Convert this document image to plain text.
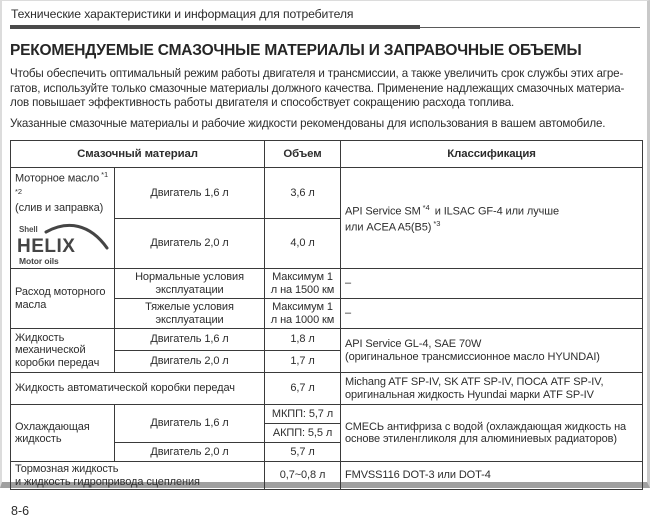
Технические характеристики и информация для потребителя
РЕКОМЕНДУЕМЫЕ СМАЗОЧНЫЕ МАТЕРИАЛЫ И ЗАПРАВОЧНЫЕ ОБЪЕМЫ
Чтобы обеспечить оптимальный режим работы двигателя и трансмиссии, а также увеличить срок службы этих агре-
гатов, используйте только смазочные материалы должного качества. Применение надлежащих смазочных материа-
лов повышает эффективность работы двигателя и способствует сокращению расхода топлива.
Указанные смазочные материалы и рабочие жидкости рекомендованы для использования в вашем автомобиле.
Смазочный материал		Объем	Классификация

Моторное масло $^{*1 *2}$
(слив и заправка)
Shell
HELIX
Motor oils
	Двигатель 1,6 л	3,6 л	API Service SM $^{*4}$ и ILSAC GF-4 или лучше
или ACEA A5(B5) $^{*3}$
	Двигатель 2,0 л	4,0 л	
Расход моторного масла	Нормальные условия эксплуатации	Максимум 1 л на 1500 км	–
	Тяжелые условия эксплуатации	Максимум 1 л на 1000 км	–
Жидкость механической коробки передач	Двигатель 1,6 л	1,8 л	API Service GL-4, SAE 70W
(оригинальное трансмиссионное масло HYUNDAI)
	Двигатель 2,0 л	1,7 л	
Жидкость автоматической коробки передач		6,7 л	Michang ATF SP-IV, SK ATF SP-IV, ПОСА ATF SP-IV,
оригинальная жидкость Hyundai марки ATF SP-IV
Охлаждающая жидкость	Двигатель 1,6 л	МКПП: 5,7 л	СМЕСЬ антифриза с водой (охлаждающая жидкость на основе этиленгликоля для алюминиевых радиаторов)
		АКПП: 5,5 л	
	Двигатель 2,0 л	5,7 л	
Тормозная жидкость
и жидкость гидропривода сцепления		0,7~0,8 л	FMVSS116 DOT-3 или DOT-4
8-6
